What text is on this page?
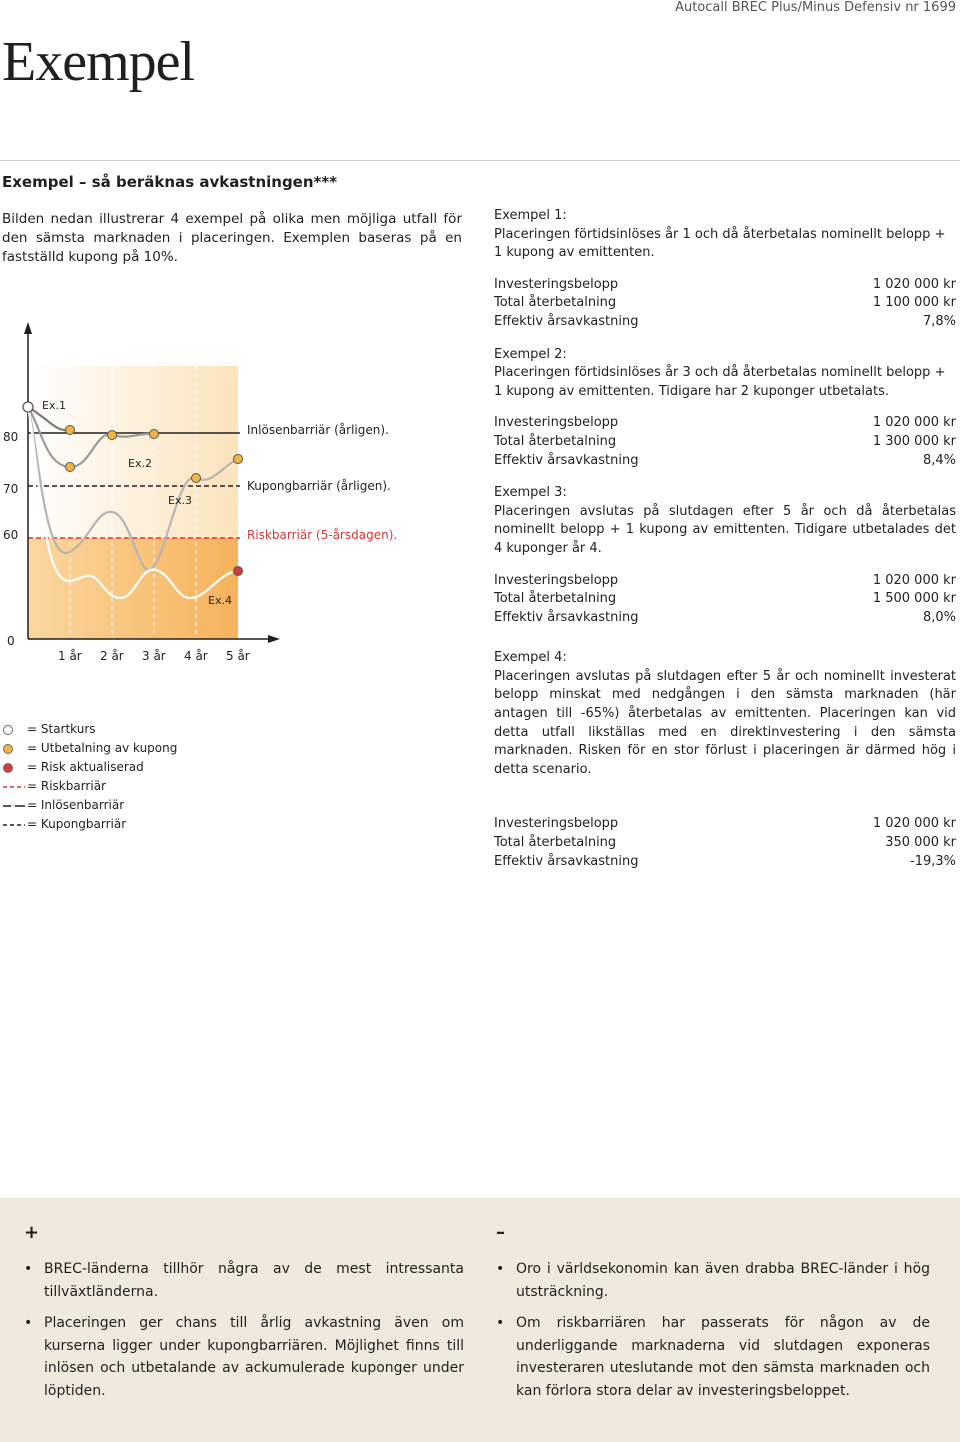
Autocall BREC Plus/Minus Defensiv nr 1699
Exempel
Exempel – så beräknas avkastningen***
Bilden nedan illustrerar 4 exempel på olika men möjliga utfall för den sämsta marknaden i placeringen. Exemplen baseras på en fastställd kupong på 10%.
Ex.1
Ex.2
Ex.3
Ex.4
Inlösenbarriär (årligen).
Kupongbarriär (årligen).
Riskbarriär (5-årsdagen).
80
70
60
0
1 år 2 år 3 år 4 år 5 år
= Startkurs
= Utbetalning av kupong
= Risk aktualiserad
= Riskbarriär
= Inlösenbarriär
= Kupongbarriär
Exempel 1:

Placeringen förtidsinlöses år 1 och då återbetalas nominellt belopp + 1 kupong av emittenten.

Investeringsbelopp	1 020 000 kr
Total återbetalning	1 100 000 kr
Effektiv årsavkastning	7,8%
Exempel 2:

Placeringen förtidsinlöses år 3 och då återbetalas nominellt belopp + 1 kupong av emittenten. Tidigare har 2 kuponger utbetalats.

Investeringsbelopp	1 020 000 kr
Total återbetalning	1 300 000 kr
Effektiv årsavkastning	8,4%
Exempel 3:

Placeringen avslutas på slutdagen efter 5 år och då återbetalas nominellt belopp + 1 kupong av emittenten. Tidigare utbetalades det 4 kuponger år 4.

Investeringsbelopp	1 020 000 kr
Total återbetalning	1 500 000 kr
Effektiv årsavkastning	8,0%
Exempel 4:

Placeringen avslutas på slutdagen efter 5 år och nominellt investerat belopp minskat med nedgången i den sämsta marknaden (här antagen till -65%) återbetalas av emittenten. Placeringen kan vid detta utfall likställas med en direktinvestering i den sämsta marknaden. Risken för en stor förlust i placeringen är därmed hög i detta scenario.

Investeringsbelopp	1 020 000 kr
Total återbetalning	350 000 kr
Effektiv årsavkastning	-19,3%
+
• BREC-länderna tillhör några av de mest intressanta tillväxtländerna.
• Placeringen ger chans till årlig avkastning även om kurserna ligger under kupongbarriären. Möjlighet finns till inlösen och utbetalande av ackumulerade kuponger under löptiden.
–
• Oro i världsekonomin kan även drabba BREC-länder i hög utsträckning.
• Om riskbarriären har passerats för någon av de underliggande marknaderna vid slutdagen exponeras investeraren uteslutande mot den sämsta marknaden och kan förlora stora delar av investeringsbeloppet.
